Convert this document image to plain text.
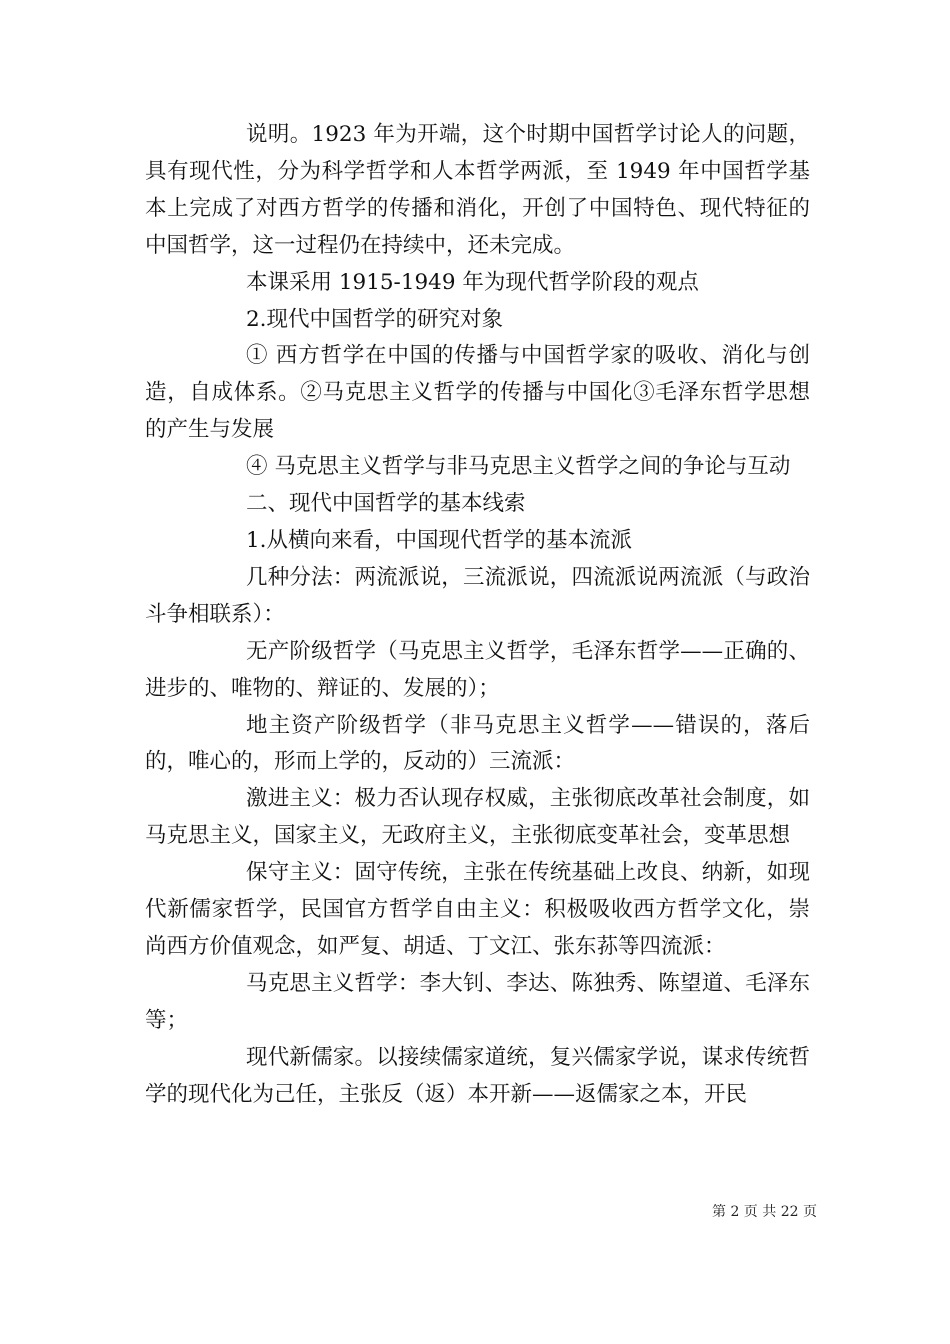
说明。1923 年为开端，这个时期中国哲学讨论人的问题，具有现代性，分为科学哲学和人本哲学两派，至 1949 年中国哲学基本上完成了对西方哲学的传播和消化，开创了中国特色、现代特征的中国哲学，这一过程仍在持续中，还未完成。

本课采用 1915-1949 年为现代哲学阶段的观点

2.现代中国哲学的研究对象

① 西方哲学在中国的传播与中国哲学家的吸收、消化与创造，自成体系。②马克思主义哲学的传播与中国化③毛泽东哲学思想的产生与发展

④ 马克思主义哲学与非马克思主义哲学之间的争论与互动

二、现代中国哲学的基本线索

1.从横向来看，中国现代哲学的基本流派

几种分法：两流派说，三流派说，四流派说两流派（与政治斗争相联系）：

无产阶级哲学（马克思主义哲学，毛泽东哲学——正确的、进步的、唯物的、辩证的、发展的）；

地主资产阶级哲学（非马克思主义哲学——错误的，落后的，唯心的，形而上学的，反动的）三流派：

激进主义：极力否认现存权威，主张彻底改革社会制度，如马克思主义，国家主义，无政府主义，主张彻底变革社会，变革思想

保守主义：固守传统，主张在传统基础上改良、纳新，如现代新儒家哲学，民国官方哲学自由主义：积极吸收西方哲学文化，崇尚西方价值观念，如严复、胡适、丁文江、张东荪等四流派：

马克思主义哲学：李大钊、李达、陈独秀、陈望道、毛泽东等；

现代新儒家。以接续儒家道统，复兴儒家学说，谋求传统哲学的现代化为己任，主张反（返）本开新——返儒家之本，开民

第 2 页 共 22 页
